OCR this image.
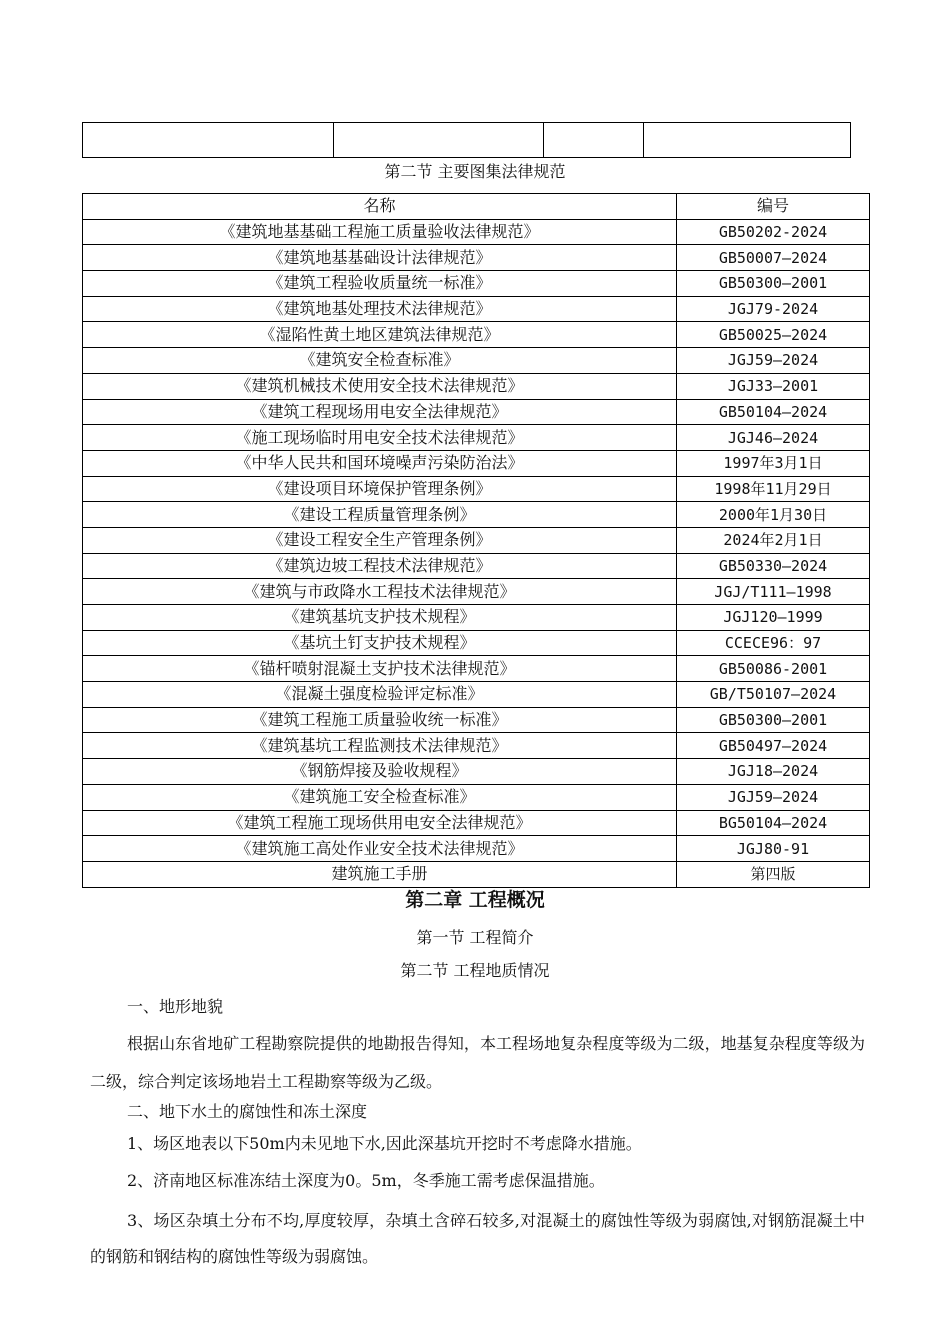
第二节 主要图集法律规范
名称	编号
《建筑地基基础工程施工质量验收法律规范》	GB50202-2024
《建筑地基基础设计法律规范》	GB50007—2024
《建筑工程验收质量统一标准》	GB50300—2001
《建筑地基处理技术法律规范》	JGJ79-2024
《湿陷性黄土地区建筑法律规范》	GB50025—2024
《建筑安全检查标准》	JGJ59—2024
《建筑机械技术使用安全技术法律规范》	JGJ33—2001
《建筑工程现场用电安全法律规范》	GB50104—2024
《施工现场临时用电安全技术法律规范》	JGJ46—2024
《中华人民共和国环境噪声污染防治法》	1997年3月1日
《建设项目环境保护管理条例》	1998年11月29日
《建设工程质量管理条例》	2000年1月30日
《建设工程安全生产管理条例》	2024年2月1日
《建筑边坡工程技术法律规范》	GB50330—2024
《建筑与市政降水工程技术法律规范》	JGJ/T111—1998
《建筑基坑支护技术规程》	JGJ120—1999
《基坑土钉支护技术规程》	CCECE96：97
《锚杆喷射混凝土支护技术法律规范》	GB50086-2001
《混凝土强度检验评定标准》	GB/T50107—2024
《建筑工程施工质量验收统一标准》	GB50300—2001
《建筑基坑工程监测技术法律规范》	GB50497—2024
《钢筋焊接及验收规程》	JGJ18—2024
《建筑施工安全检查标准》	JGJ59—2024
《建筑工程施工现场供用电安全法律规范》	BG50104—2024
《建筑施工高处作业安全技术法律规范》	JGJ80-91
建筑施工手册	第四版
第二章 工程概况
第一节 工程简介
第二节 工程地质情况
一、地形地貌
根据山东省地矿工程勘察院提供的地勘报告得知，本工程场地复杂程度等级为二级，地基复杂程度等级为二级，综合判定该场地岩土工程勘察等级为乙级。
二、地下水土的腐蚀性和冻土深度
1、场区地表以下50m内未见地下水,因此深基坑开挖时不考虑降水措施。
2、济南地区标准冻结土深度为0。5m，冬季施工需考虑保温措施。
3、场区杂填土分布不均,厚度较厚，杂填土含碎石较多,对混凝土的腐蚀性等级为弱腐蚀,对钢筋混凝土中的钢筋和钢结构的腐蚀性等级为弱腐蚀。
